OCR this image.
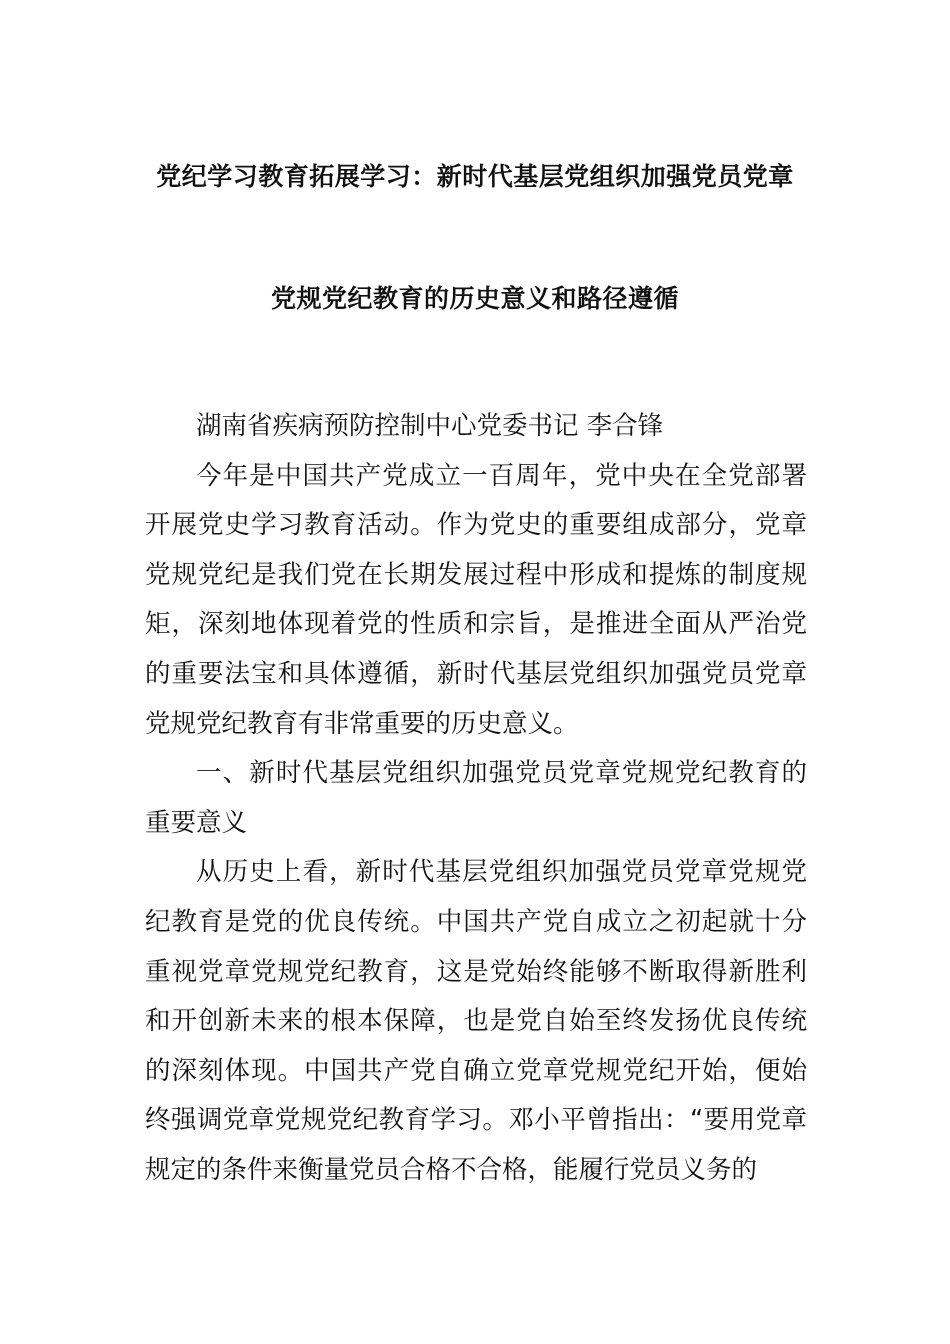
党纪学习教育拓展学习：新时代基层党组织加强党员党章
党规党纪教育的历史意义和路径遵循

湖南省疾病预防控制中心党委书记 李合锋

今年是中国共产党成立一百周年，党中央在全党部署开展党史学习教育活动。作为党史的重要组成部分，党章党规党纪是我们党在长期发展过程中形成和提炼的制度规矩，深刻地体现着党的性质和宗旨，是推进全面从严治党的重要法宝和具体遵循，新时代基层党组织加强党员党章党规党纪教育有非常重要的历史意义。

一、新时代基层党组织加强党员党章党规党纪教育的重要意义

从历史上看，新时代基层党组织加强党员党章党规党纪教育是党的优良传统。中国共产党自成立之初起就十分重视党章党规党纪教育，这是党始终能够不断取得新胜利和开创新未来的根本保障，也是党自始至终发扬优良传统的深刻体现。中国共产党自确立党章党规党纪开始，便始终强调党章党规党纪教育学习。邓小平曾指出：“要用党章规定的条件来衡量党员合格不合格，能履行党员义务的
